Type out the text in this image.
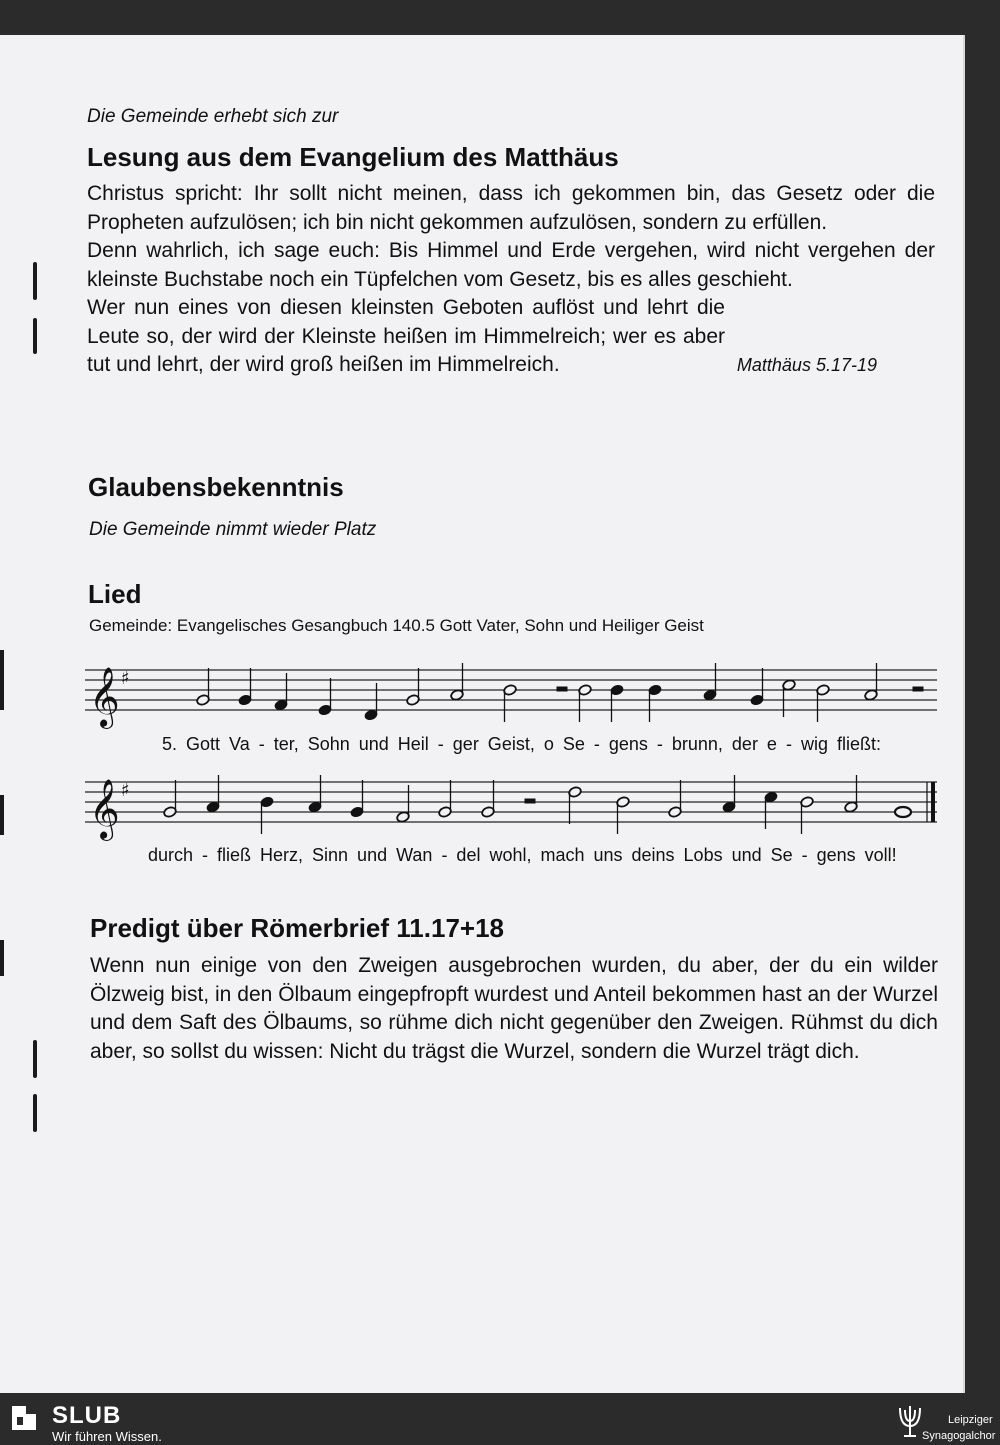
Die Gemeinde erhebt sich zur
Lesung aus dem Evangelium des Matthäus

Christus spricht: Ihr sollt nicht meinen, dass ich gekommen bin, das Gesetz oder die Propheten aufzulösen; ich bin nicht gekommen aufzulösen, sondern zu erfüllen.

Denn wahrlich, ich sage euch: Bis Himmel und Erde vergehen, wird nicht vergehen der kleinste Buchstabe noch ein Tüpfelchen vom Gesetz, bis es alles geschieht.

Wer nun eines von diesen kleinsten Geboten auflöst und lehrt die Leute so, der wird der Kleinste heißen im Himmelreich; wer es aber tut und lehrt, der wird groß heißen im Himmelreich.	Matthäus 5.17-19
Glaubensbekenntnis
Die Gemeinde nimmt wieder Platz
Lied
Gemeinde: Evangelisches Gesangbuch 140.5 Gott Vater, Sohn und Heiliger Geist
𝄞 ♯
5. Gott Va - ter, Sohn und Heil - ger Geist, o Se - gens - brunn, der e - wig fließt:
𝄞 ♯
durch - fließ Herz, Sinn und Wan - del wohl, mach uns deins Lobs und Se - gens voll!
Predigt über Römerbrief 11.17+18
Wenn nun einige von den Zweigen ausgebrochen wurden, du aber, der du ein wilder Ölzweig bist, in den Ölbaum eingepfropft wurdest und Anteil bekommen hast an der Wurzel und dem Saft des Ölbaums, so rühme dich nicht gegenüber den Zweigen. Rühmst du dich aber, so sollst du wissen: Nicht du trägst die Wurzel, sondern die Wurzel trägt dich.
SLUB
Wir führen Wissen.
Leipziger
Synagogalchor
